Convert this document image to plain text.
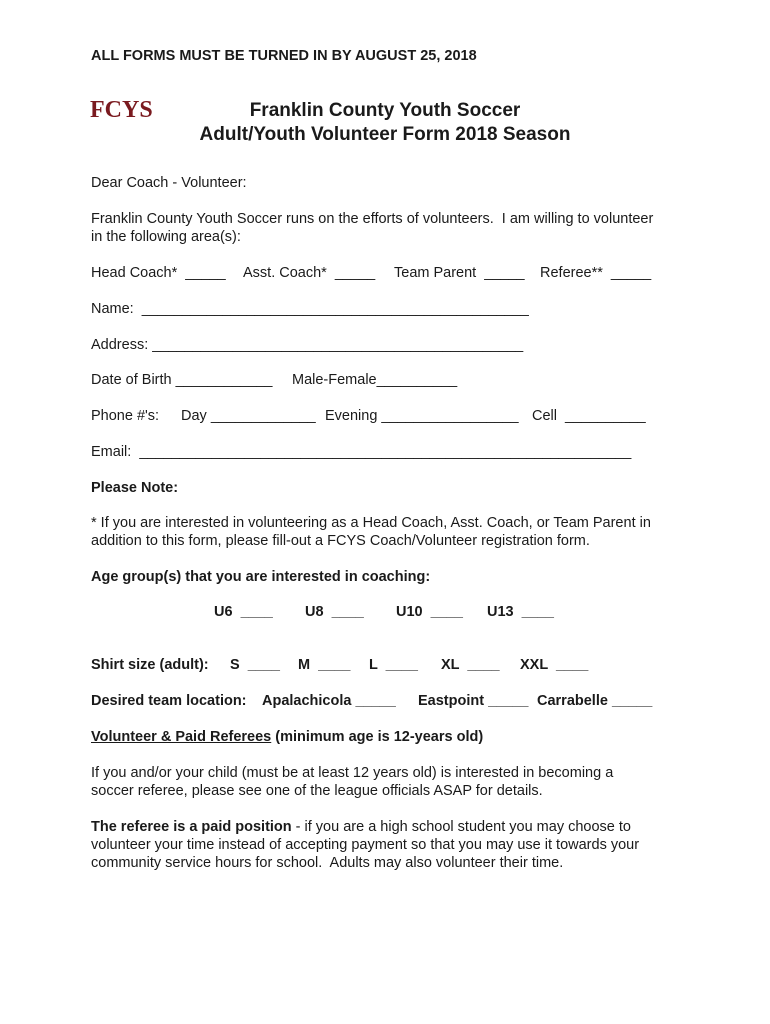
ALL FORMS MUST BE TURNED IN BY AUGUST 25, 2018
FCYS	Franklin County Youth Soccer
Adult/Youth Volunteer Form 2018 Season
Dear Coach - Volunteer:
Franklin County Youth Soccer runs on the efforts of volunteers.  I am willing to volunteer
in the following area(s):
Head Coach*  _____ Asst. Coach*  _____ Team Parent  _____ Referee**  _____
Name:  ________________________________________________
Address: ______________________________________________
Date of Birth ____________ Male-Female__________
Phone #'s: Day _____________ Evening _________________ Cell  __________
Email:  _____________________________________________________________
Please Note:
* If you are interested in volunteering as a Head Coach, Asst. Coach, or Team Parent in
addition to this form, please fill-out a FCYS Coach/Volunteer registration form.
Age group(s) that you are interested in coaching:
U6  ____ U8  ____ U10  ____ U13  ____
Shirt size (adult): S  ____ M  ____ L  ____ XL  ____ XXL  ____
Desired team location: Apalachicola _____ Eastpoint _____ Carrabelle _____
Volunteer & Paid Referees (minimum age is 12-years old)
If you and/or your child (must be at least 12 years old) is interested in becoming a
soccer referee, please see one of the league officials ASAP for details.
The referee is a paid position - if you are a high school student you may choose to
volunteer your time instead of accepting payment so that you may use it towards your
community service hours for school.  Adults may also volunteer their time.
